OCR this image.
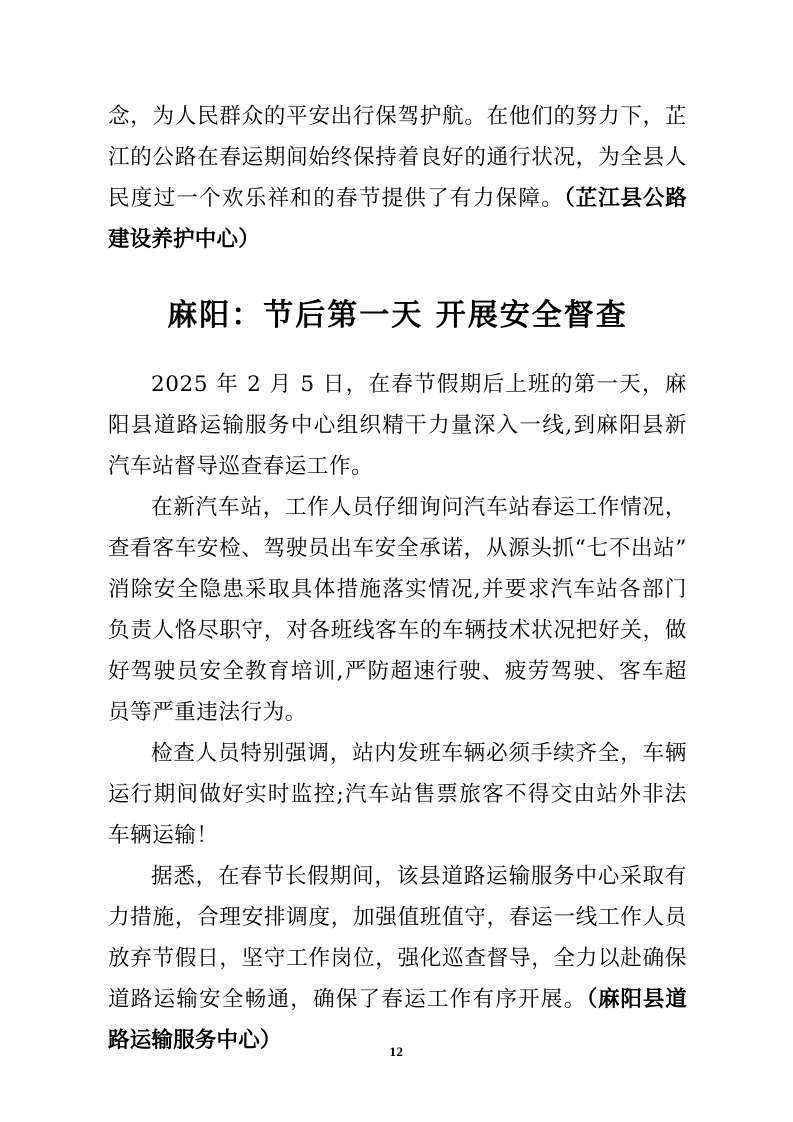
念，为人民群众的平安出行保驾护航。在他们的努力下，芷江的公路在春运期间始终保持着良好的通行状况，为全县人民度过一个欢乐祥和的春节提供了有力保障。（芷江县公路建设养护中心）

麻阳：节后第一天 开展安全督查

2025 年 2 月 5 日，在春节假期后上班的第一天，麻阳县道路运输服务中心组织精干力量深入一线,到麻阳县新汽车站督导巡查春运工作。

在新汽车站，工作人员仔细询问汽车站春运工作情况，查看客车安检、驾驶员出车安全承诺，从源头抓“七不出站”消除安全隐患采取具体措施落实情况,并要求汽车站各部门负责人恪尽职守，对各班线客车的车辆技术状况把好关，做好驾驶员安全教育培训,严防超速行驶、疲劳驾驶、客车超员等严重违法行为。

检查人员特别强调，站内发班车辆必须手续齐全，车辆运行期间做好实时监控;汽车站售票旅客不得交由站外非法车辆运输！

据悉，在春节长假期间，该县道路运输服务中心采取有力措施，合理安排调度，加强值班值守，春运一线工作人员放弃节假日，坚守工作岗位，强化巡查督导，全力以赴确保道路运输安全畅通，确保了春运工作有序开展。（麻阳县道路运输服务中心）	12
